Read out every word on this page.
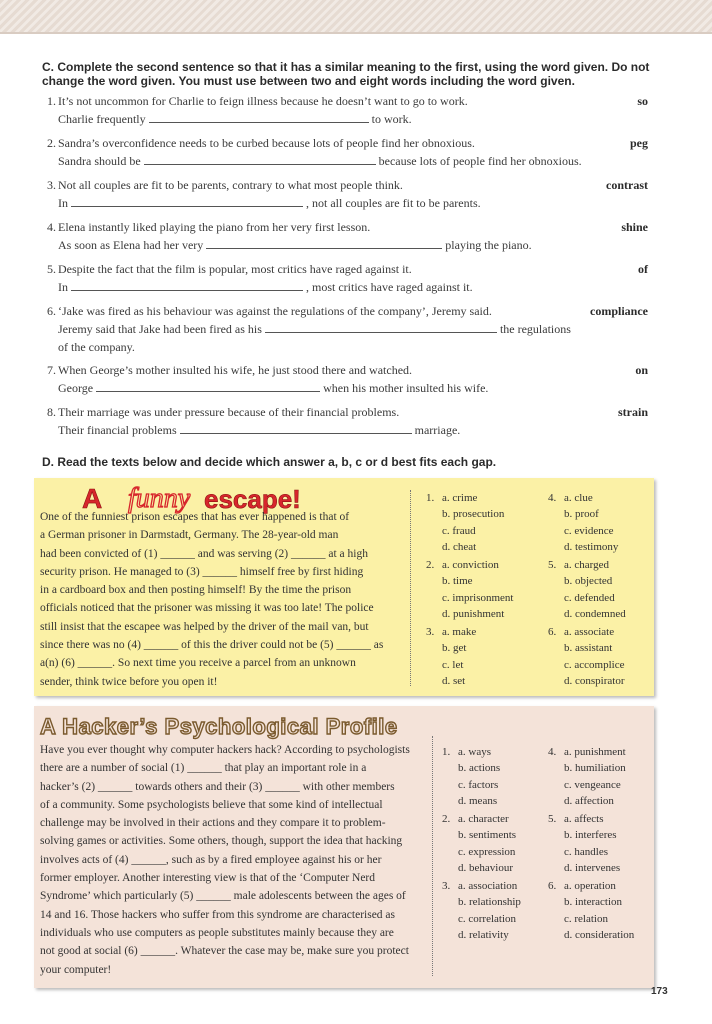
C. Complete the second sentence so that it has a similar meaning to the first, using the word given. Do not change the word given. You must use between two and eight words including the word given.
1. It’s not uncommon for Charlie to feign illness because he doesn’t want to go to work.
Charlie frequently	to work.
so
2. Sandra’s overconfidence needs to be curbed because lots of people find her obnoxious.
Sandra should be	because lots of people find her obnoxious.
peg
3. Not all couples are fit to be parents, contrary to what most people think.
In	, not all couples are fit to be parents.
contrast
4. Elena instantly liked playing the piano from her very first lesson.
As soon as Elena had her very	playing the piano.
shine
5. Despite the fact that the film is popular, most critics have raged against it.
In	, most critics have raged against it.
of
6. ‘Jake was fired as his behaviour was against the regulations of the company’, Jeremy said.
Jeremy said that Jake had been fired as his	the regulations
of the company.
compliance
7. When George’s mother insulted his wife, he just stood there and watched.
George	when his mother insulted his wife.
on
8. Their marriage was under pressure because of their financial problems.
Their financial problems	marriage.
strain
D. Read the texts below and decide which answer a, b, c or d best fits each gap.
A funny escape!
One of the funniest prison escapes that has ever happened is that of
a German prisoner in Darmstadt, Germany. The 28-year-old man
had been convicted of (1) ______ and was serving (2) ______ at a high
security prison. He managed to (3) ______ himself free by first hiding
in a cardboard box and then posting himself! By the time the prison
officials noticed that the prisoner was missing it was too late! The police
still insist that the escapee was helped by the driver of the mail van, but
since there was no (4) ______ of this the driver could not be (5) ______ as
a(n) (6) ______. So next time you receive a parcel from an unknown
sender, think twice before you open it!
1. a. crime
b. prosecution
c. fraud
d. cheat
2. a. conviction
b. time
c. imprisonment
d. punishment
3. a. make
b. get
c. let
d. set
4. a. clue
b. proof
c. evidence
d. testimony
5. a. charged
b. objected
c. defended
d. condemned
6. a. associate
b. assistant
c. accomplice
d. conspirator
A Hacker’s Psychological Profile
Have you ever thought why computer hackers hack? According to psychologists
there are a number of social (1) ______ that play an important role in a
hacker’s (2) ______ towards others and their (3) ______ with other members
of a community. Some psychologists believe that some kind of intellectual
challenge may be involved in their actions and they compare it to problem-
solving games or activities. Some others, though, support the idea that hacking
involves acts of (4) ______, such as by a fired employee against his or her
former employer. Another interesting view is that of the ‘Computer Nerd
Syndrome’ which particularly (5) ______ male adolescents between the ages of
14 and 16. Those hackers who suffer from this syndrome are characterised as
individuals who use computers as people substitutes mainly because they are
not good at social (6) ______. Whatever the case may be, make sure you protect
your computer!
1. a. ways
b. actions
c. factors
d. means
2. a. character
b. sentiments
c. expression
d. behaviour
3. a. association
b. relationship
c. correlation
d. relativity
4. a. punishment
b. humiliation
c. vengeance
d. affection
5. a. affects
b. interferes
c. handles
d. intervenes
6. a. operation
b. interaction
c. relation
d. consideration
173
